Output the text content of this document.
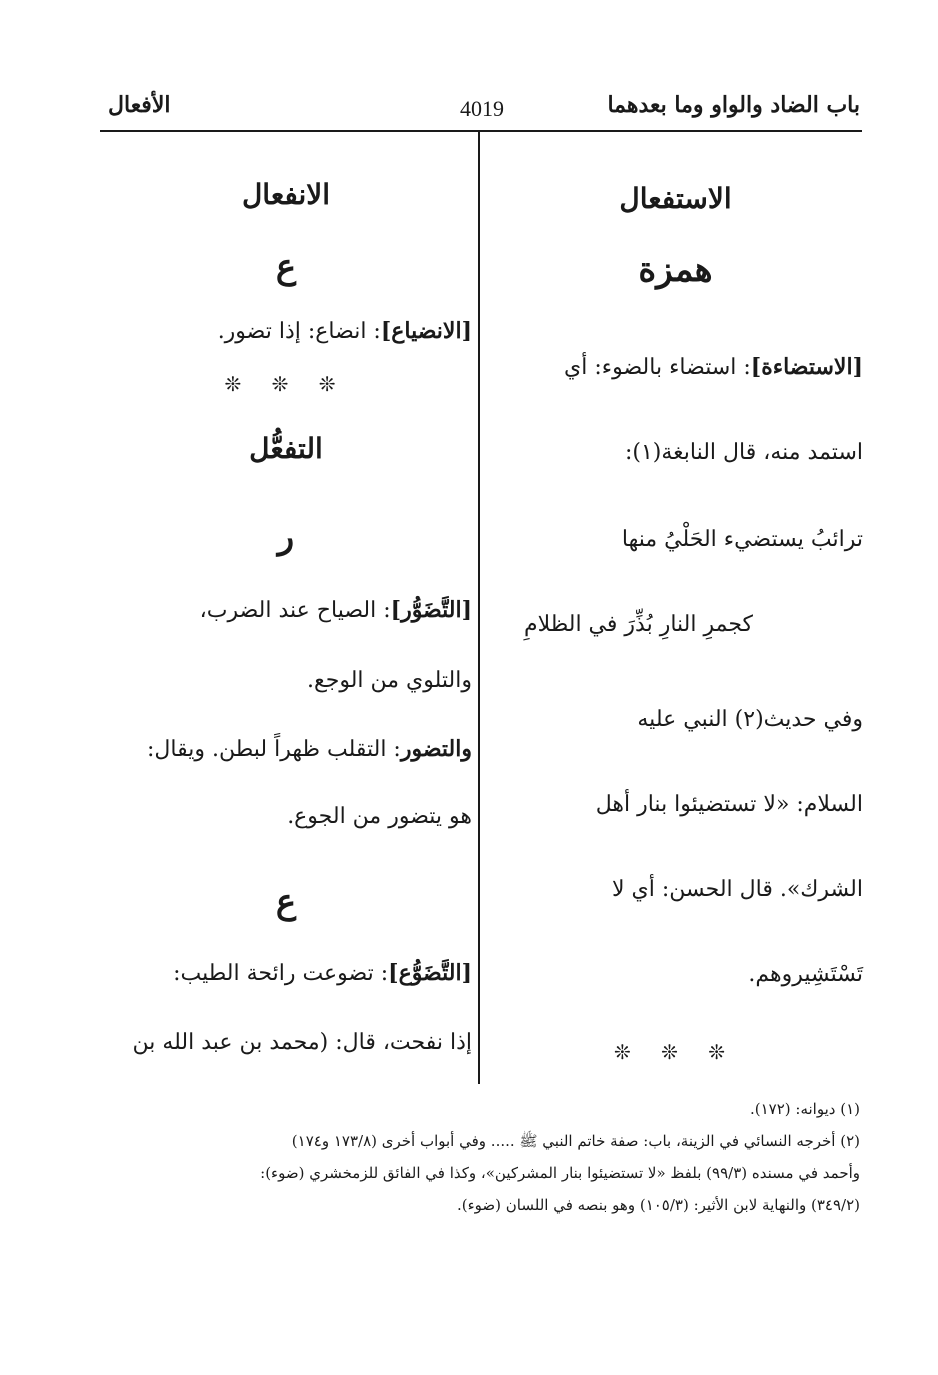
باب الضاد والواو وما بعدهما
4019
الأفعال
الاستفعال
همزة
[الاستضاءة]: استضاء بالضوء: أي
استمد منه، قال النابغة(١):
ترائبُ يستضيء الحَلْيُ منها
كجمرِ النارِ بُذِّرَ في الظلامِ
وفي حديث(٢) النبي عليه
السلام: «لا تستضيئوا بنار أهل
الشرك». قال الحسن: أي لا
تَسْتَشِيروهم.
❊ ❊ ❊
الانفعال
ع
[الانضياع]: انضاع: إذا تضور.
❊ ❊ ❊
التفعُّل
ر
[التَّضَوُّر]: الصياح عند الضرب،
والتلوي من الوجع.
والتضور: التقلب ظهراً لبطن. ويقال:
هو يتضور من الجوع.
ع
[التَّضَوُّع]: تضوعت رائحة الطيب:
إذا نفحت، قال: (محمد بن عبد الله بن
(١) ديوانه: (١٧٢).
(٢) أخرجه النسائي في الزينة، باب: صفة خاتم النبي ﷺ ..... وفي أبواب أخرى (١٧٣/٨ و١٧٤)
وأحمد في مسنده (٩٩/٣) بلفظ «لا تستضيئوا بنار المشركين»، وكذا في الفائق للزمخشري (ضوء):
(٣٤٩/٢) والنهاية لابن الأثير: (١٠٥/٣) وهو بنصه في اللسان (ضوء).
